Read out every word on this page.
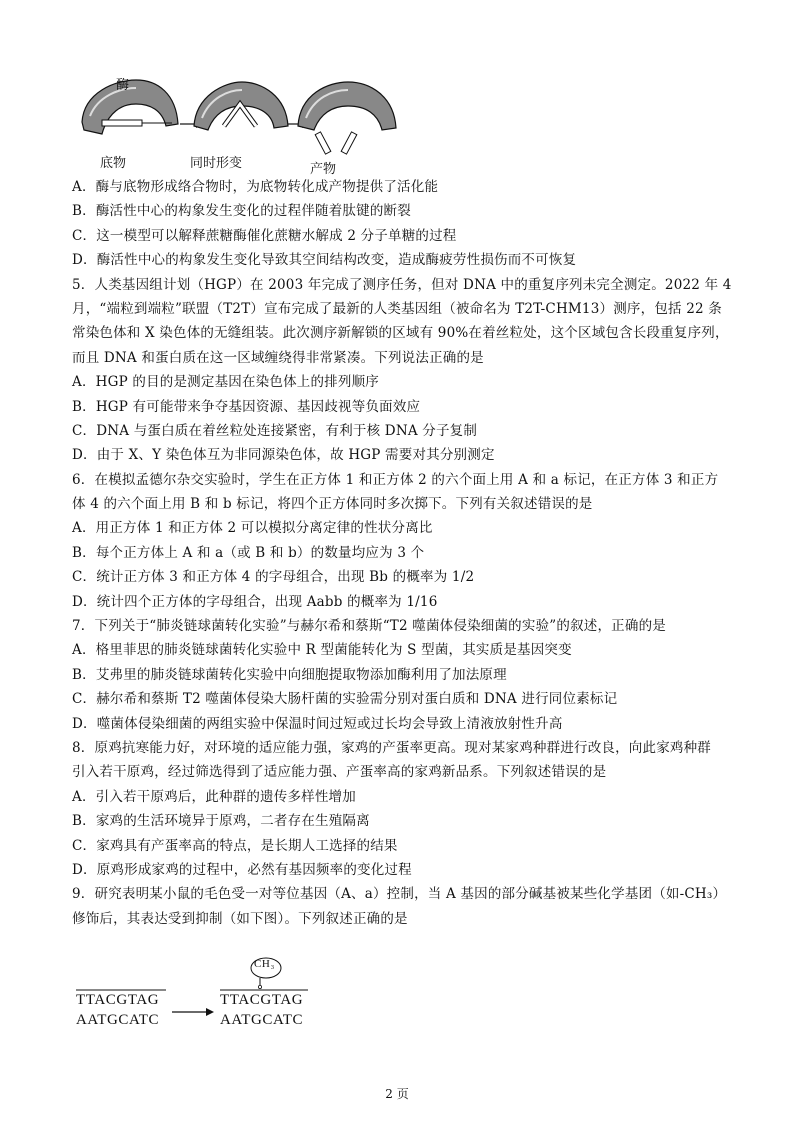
酶
底物	同时形变	产物
A．酶与底物形成络合物时，为底物转化成产物提供了活化能
B．酶活性中心的构象发生变化的过程伴随着肽键的断裂
C．这一模型可以解释蔗糖酶催化蔗糖水解成 2 分子单糖的过程
D．酶活性中心的构象发生变化导致其空间结构改变，造成酶疲劳性损伤而不可恢复
5．人类基因组计划（HGP）在 2003 年完成了测序任务，但对 DNA 中的重复序列未完全测定。2022 年 4
月，“端粒到端粒”联盟（T2T）宣布完成了最新的人类基因组（被命名为 T2T-CHM13）测序，包括 22 条
常染色体和 X 染色体的无缝组装。此次测序新解锁的区域有 90%在着丝粒处，这个区域包含长段重复序列，
而且 DNA 和蛋白质在这一区域缠绕得非常紧凑。下列说法正确的是
A．HGP 的目的是测定基因在染色体上的排列顺序
B．HGP 有可能带来争夺基因资源、基因歧视等负面效应
C．DNA 与蛋白质在着丝粒处连接紧密，有利于核 DNA 分子复制
D．由于 X、Y 染色体互为非同源染色体，故 HGP 需要对其分别测定
6．在模拟孟德尔杂交实验时，学生在正方体 1 和正方体 2 的六个面上用 A 和 a 标记，在正方体 3 和正方
体 4 的六个面上用 B 和 b 标记，将四个正方体同时多次掷下。下列有关叙述错误的是
A．用正方体 1 和正方体 2 可以模拟分离定律的性状分离比
B．每个正方体上 A 和 a（或 B 和 b）的数量均应为 3 个
C．统计正方体 3 和正方体 4 的字母组合，出现 Bb 的概率为 1/2
D．统计四个正方体的字母组合，出现 Aabb 的概率为 1/16
7．下列关于“肺炎链球菌转化实验”与赫尔希和蔡斯“T2 噬菌体侵染细菌的实验”的叙述，正确的是
A．格里菲思的肺炎链球菌转化实验中 R 型菌能转化为 S 型菌，其实质是基因突变
B．艾弗里的肺炎链球菌转化实验中向细胞提取物添加酶利用了加法原理
C．赫尔希和蔡斯 T2 噬菌体侵染大肠杆菌的实验需分别对蛋白质和 DNA 进行同位素标记
D．噬菌体侵染细菌的两组实验中保温时间过短或过长均会导致上清液放射性升高
8．原鸡抗寒能力好，对环境的适应能力强，家鸡的产蛋率更高。现对某家鸡种群进行改良，向此家鸡种群
引入若干原鸡，经过筛选得到了适应能力强、产蛋率高的家鸡新品系。下列叙述错误的是
A．引入若干原鸡后，此种群的遗传多样性增加
B．家鸡的生活环境异于原鸡，二者存在生殖隔离
C．家鸡具有产蛋率高的特点，是长期人工选择的结果
D．原鸡形成家鸡的过程中，必然有基因频率的变化过程
9．研究表明某小鼠的毛色受一对等位基因（A、a）控制，当 A 基因的部分碱基被某些化学基团（如-CH₃）
修饰后，其表达受到抑制（如下图）。下列叙述正确的是
CH₃
TTACGTAG
AATGCATC
TTACGTAG
AATGCATC
2 页
